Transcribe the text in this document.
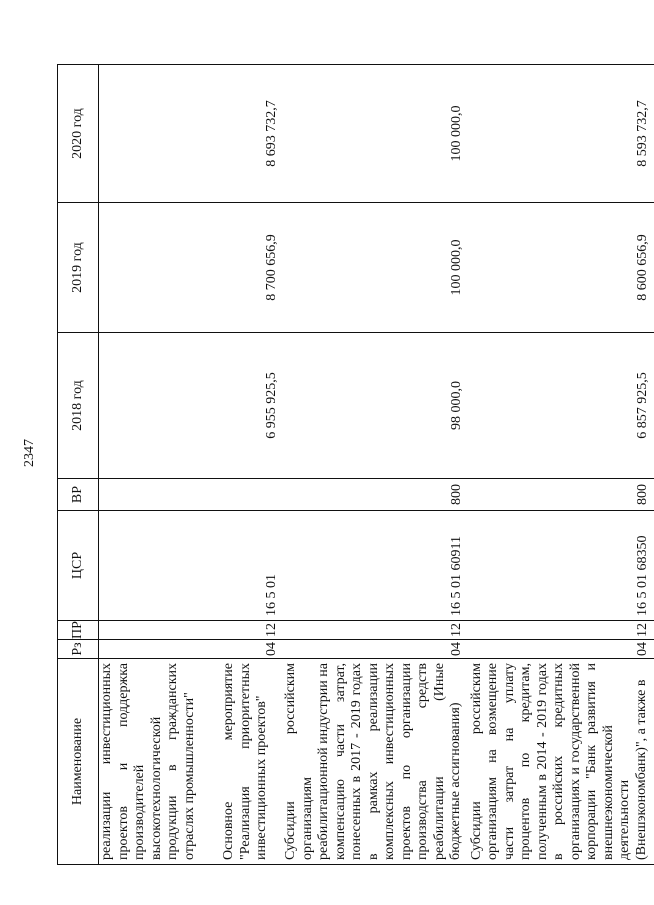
2347
Наименование	Рз	ПР	ЦСР	ВР	2018 год	2019 год	2020 год
реализации инвестиционных проектов и поддержка производителей высокотехнологической продукции в гражданских отраслях промышленности"							
Основное мероприятие "Реализация приоритетных инвестиционных проектов"	04	12	16 5 01		6 955 925,5	8 700 656,9	8 693 732,7
Субсидии российским организациям реабилитационной индустрии на компенсацию части затрат, понесенных в 2017 - 2019 годах в рамках реализации комплексных инвестиционных проектов по организации производства средств реабилитации (Иные бюджетные ассигнования)	04	12	16 5 01 60911	800	98 000,0	100 000,0	100 000,0
Субсидии российским организациям на возмещение части затрат на уплату процентов по кредитам, полученным в 2014 - 2019 годах в российских кредитных организациях и государственной корпорации "Банк развития и внешнеэкономической деятельности (Внешэкономбанк)", а также в	04	12	16 5 01 68350	800	6 857 925,5	8 600 656,9	8 593 732,7
